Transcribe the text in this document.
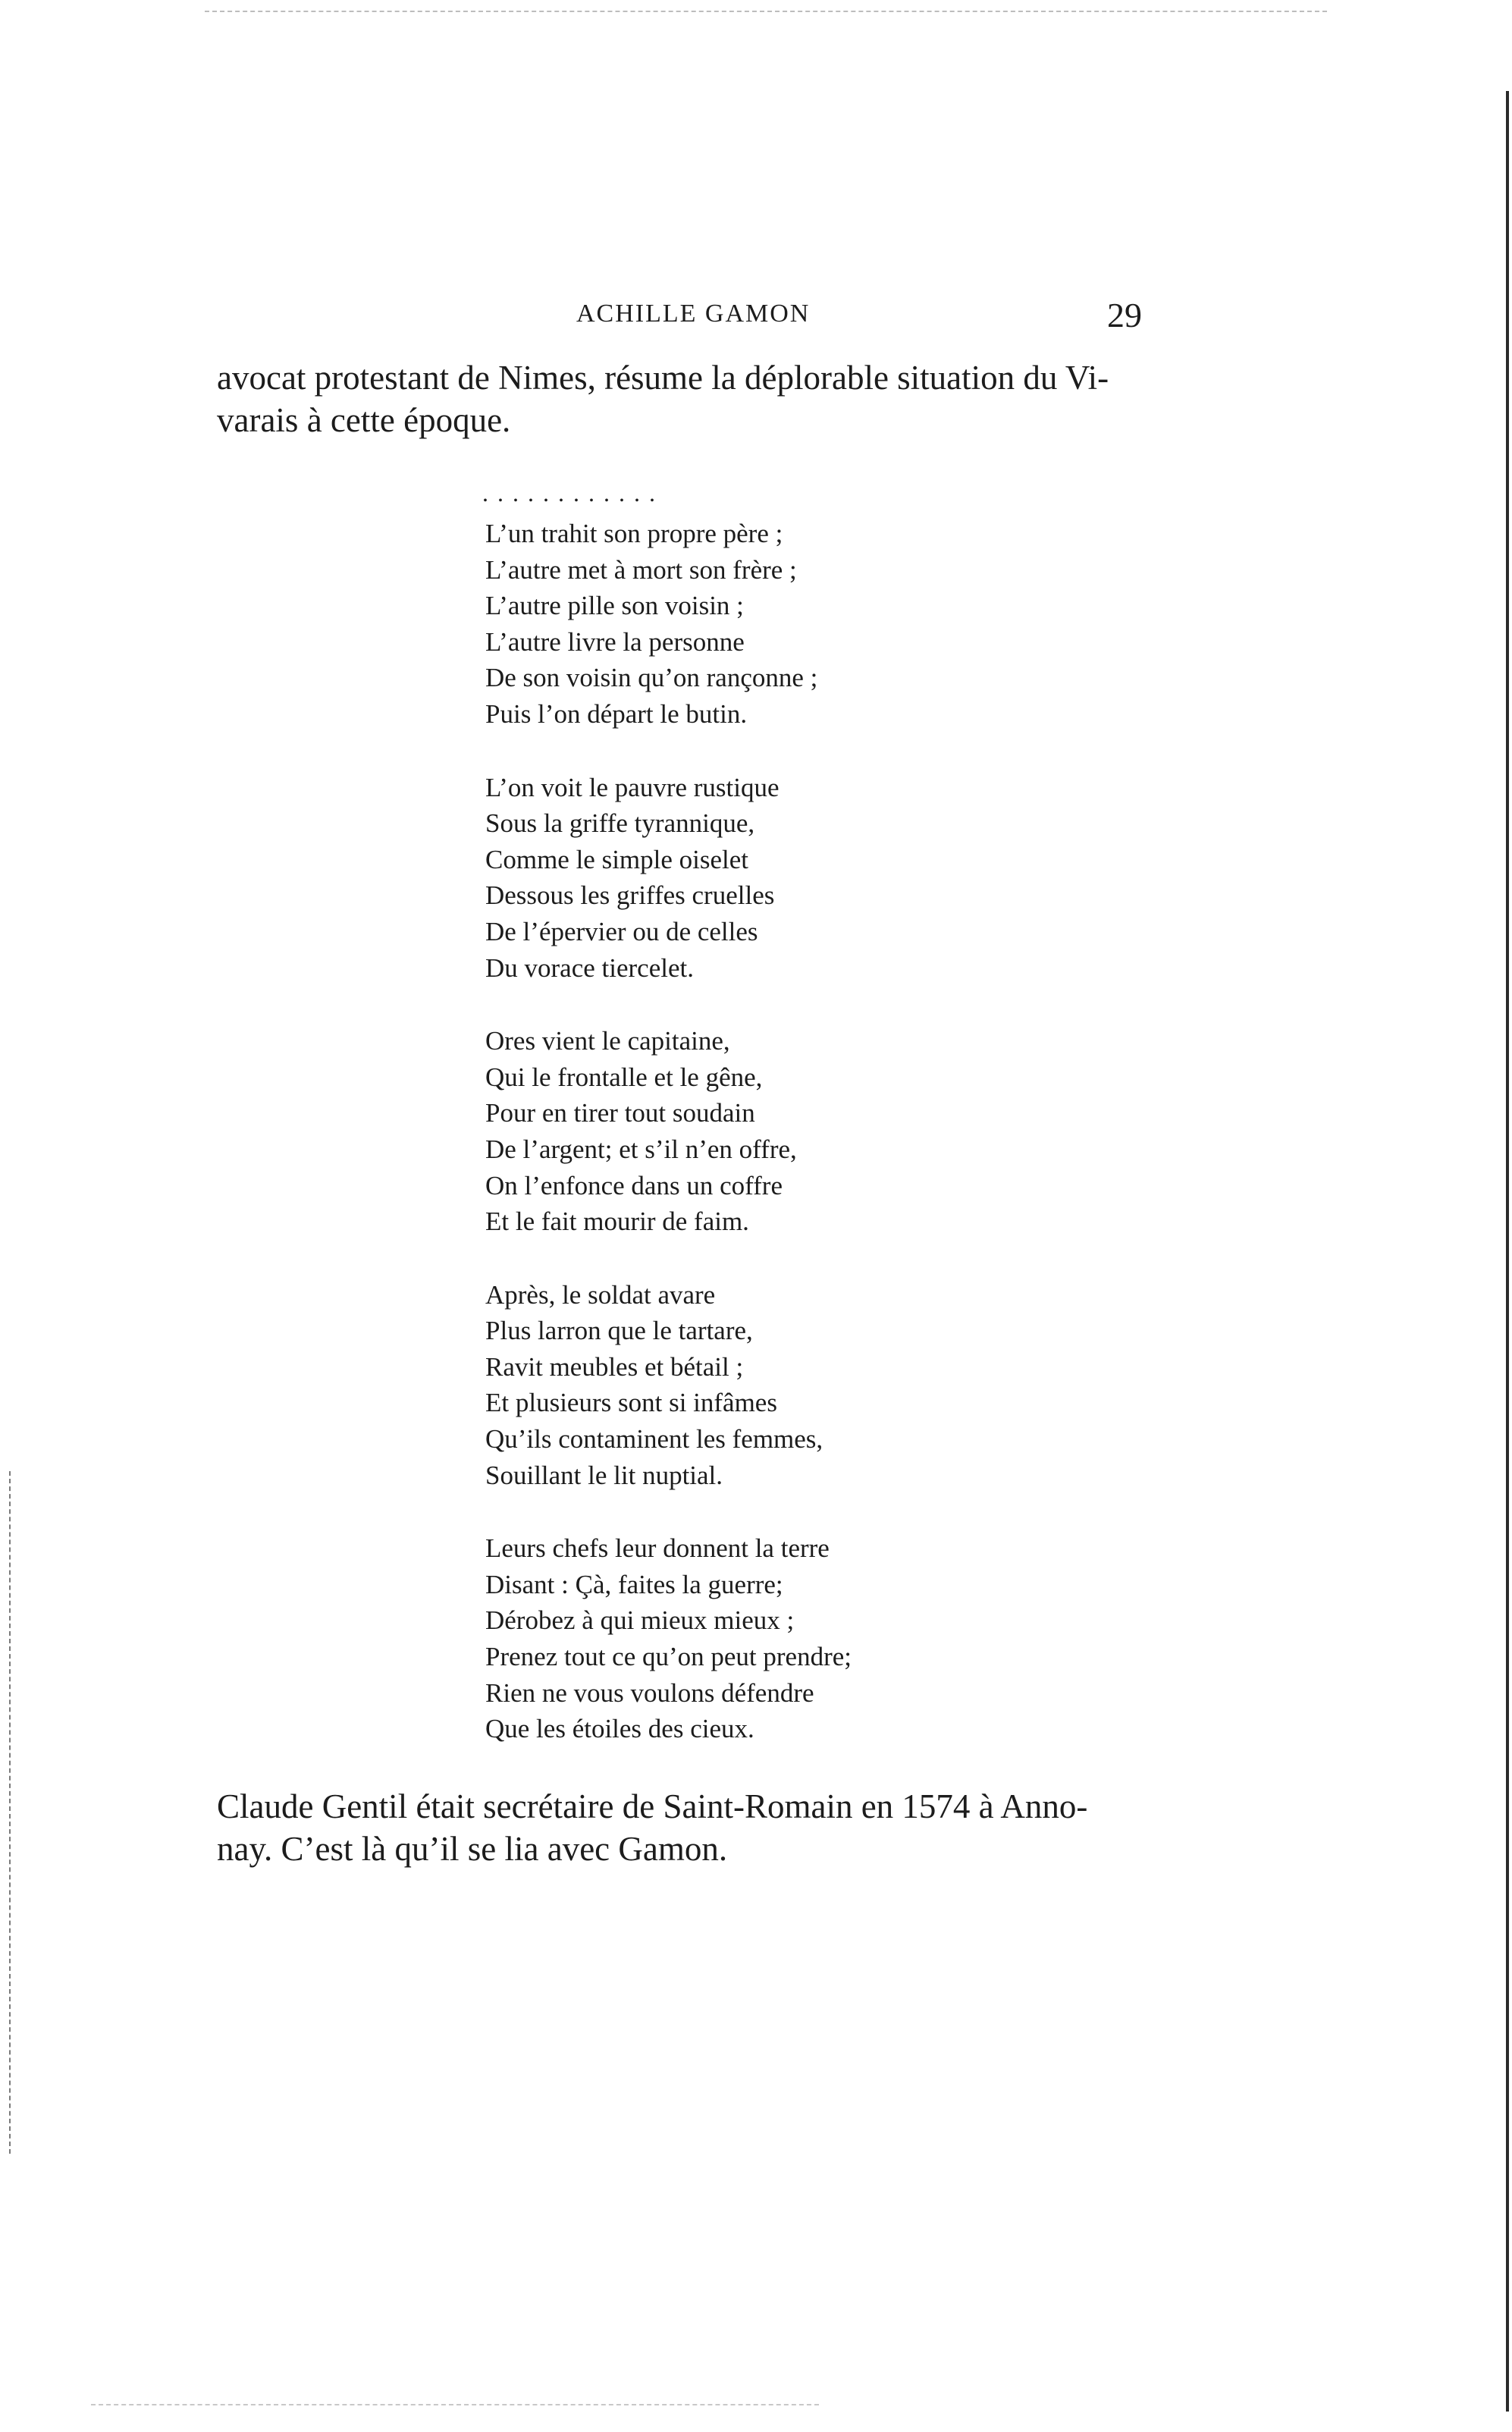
ACHILLE GAMON	29
avocat protestant de Nimes, résume la déplorable situation du Vi-
varais à cette époque.
............
L’un trahit son propre père ;
L’autre met à mort son frère ;
L’autre pille son voisin ;
L’autre livre la personne
De son voisin qu’on rançonne ;
Puis l’on départ le butin.
L’on voit le pauvre rustique
Sous la griffe tyrannique,
Comme le simple oiselet
Dessous les griffes cruelles
De l’épervier ou de celles
Du vorace tiercelet.
Ores vient le capitaine,
Qui le frontalle et le gêne,
Pour en tirer tout soudain
De l’argent; et s’il n’en offre,
On l’enfonce dans un coffre
Et le fait mourir de faim.
Après, le soldat avare
Plus larron que le tartare,
Ravit meubles et bétail ;
Et plusieurs sont si infâmes
Qu’ils contaminent les femmes,
Souillant le lit nuptial.
Leurs chefs leur donnent la terre
Disant : Çà, faites la guerre;
Dérobez à qui mieux mieux ;
Prenez tout ce qu’on peut prendre;
Rien ne vous voulons défendre
Que les étoiles des cieux.
Claude Gentil était secrétaire de Saint-Romain en 1574 à Anno-
nay. C’est là qu’il se lia avec Gamon.
